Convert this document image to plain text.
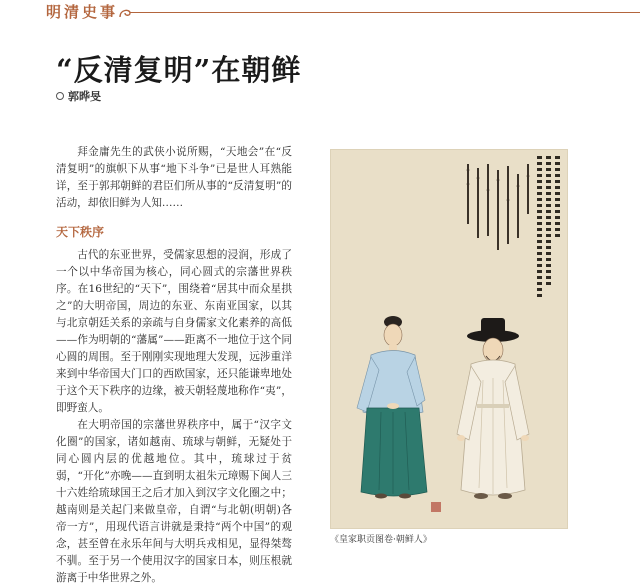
明清史事
“反清复明”在朝鲜
郭晔旻

拜金庸先生的武侠小说所赐，“天地会”在“反清复明”的旗帜下从事“地下斗争”已是世人耳熟能详，至于郭邦朝鲜的君臣们所从事的“反清复明”的活动，却依旧鲜为人知……

天下秩序

古代的东亚世界，受儒家思想的浸润，形成了一个以中华帝国为核心，同心圆式的宗藩世界秩序。在16世纪的“天下”，围绕着“居其中而众星拱之”的大明帝国，周边的东亚、东南亚国家，以其与北京朝廷关系的亲疏与自身儒家文化素养的高低——作为明朝的“藩属”——距离不一地位于这个同心圆的周围。至于刚刚实现地理大发现，远涉重洋来到中华帝国大门口的西欧国家，还只能谦卑地处于这个天下秩序的边缘，被天朝轻蔑地称作“夷”，即野蛮人。

在大明帝国的宗藩世界秩序中，属于“汉字文化圈”的国家，诸如越南、琉球与朝鲜，无疑处于同心圆内层的优越地位。其中，琉球过于贫弱，“开化”亦晚——直到明太祖朱元璋赐下闽人三十六姓给琉球国王之后才加入到汉字文化圈之中；越南则是关起门来做皇帝，自谓“与北朝(明朝)各帝一方”，用现代语言讲就是秉持“两个中国”的观念，甚至曾在永乐年间与大明兵戎相见，显得桀骜不驯。至于另一个使用汉字的国家日本，则压根就游离于中华世界之外。

《皇家职贡图卷·朝鲜人》
